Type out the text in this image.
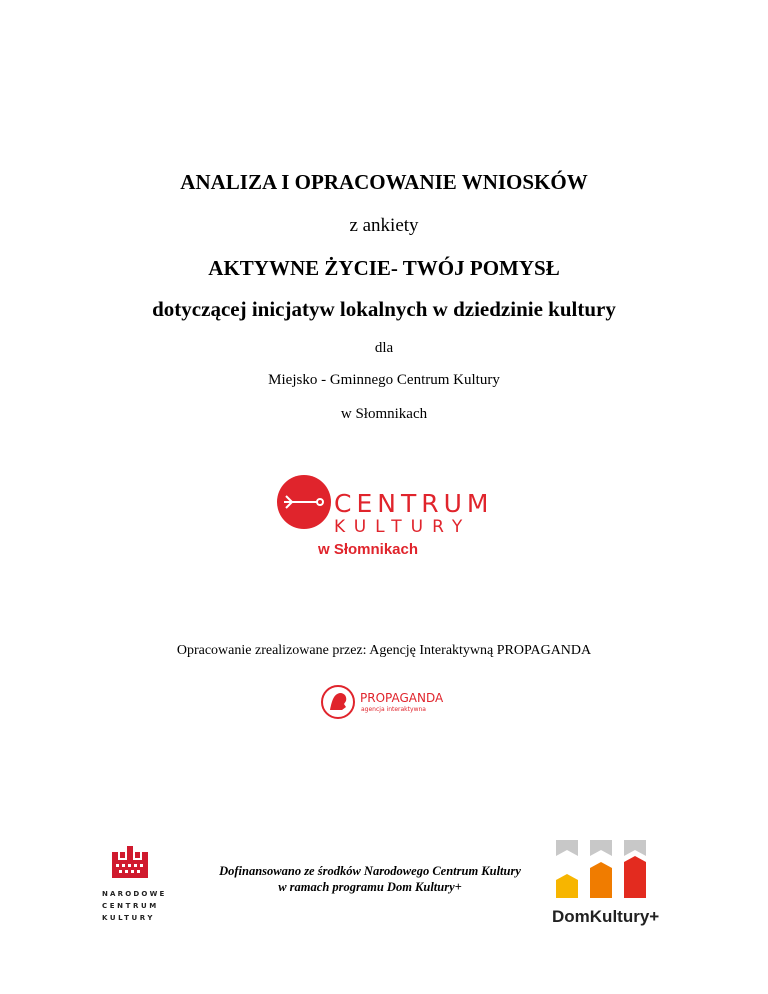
ANALIZA I OPRACOWANIE WNIOSKÓW
z ankiety
AKTYWNE ŻYCIE- TWÓJ POMYSŁ
dotyczącej inicjatyw lokalnych w dziedzinie kultury
dla
Miejsko - Gminnego Centrum Kultury
w Słomnikach
CENTRUM
KULTURY
w Słomnikach
Opracowanie zrealizowane przez: Agencję Interaktywną PROPAGANDA
PROPAGANDA
agencja interaktywna
NARODOWE
CENTRUM
KULTURY
Dofinansowano ze środków Narodowego Centrum Kultury
w ramach programu Dom Kultury+
DomKultury+
